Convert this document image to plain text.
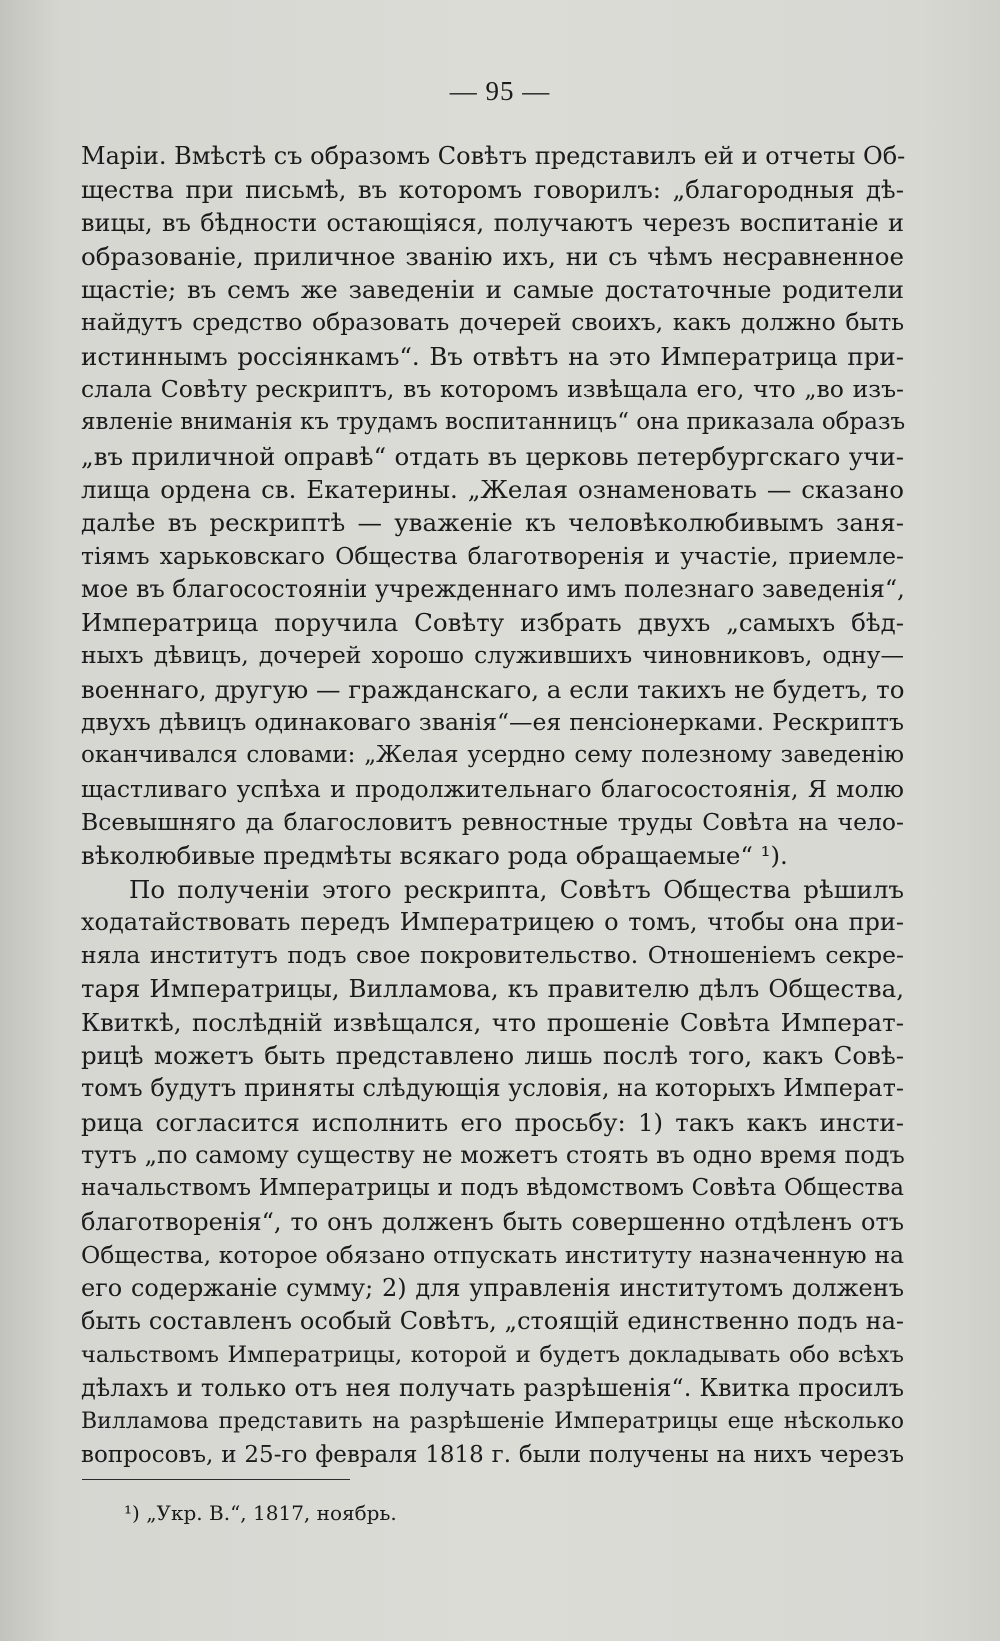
— 95 —
Маріи. Вмѣстѣ съ образомъ Совѣтъ представилъ ей и отчеты Об-
щества при письмѣ, въ которомъ говорилъ: „благородныя дѣ-
вицы, въ бѣдности остающіяся, получаютъ черезъ воспитаніе и
образованіе, приличное званію ихъ, ни съ чѣмъ несравненное
щастіе; въ семъ же заведеніи и самые достаточные родители
найдутъ средство образовать дочерей своихъ, какъ должно быть
истиннымъ россіянкамъ“. Въ отвѣтъ на это Императрица при-
слала Совѣту рескриптъ, въ которомъ извѣщала его, что „во изъ-
явленіе вниманія къ трудамъ воспитанницъ“ она приказала образъ
„въ приличной оправѣ“ отдать въ церковь петербургскаго учи-
лища ордена св. Екатерины. „Желая ознаменовать — сказано
далѣе въ рескриптѣ — уваженіе къ человѣколюбивымъ заня-
тіямъ харьковскаго Общества благотворенія и участіе, приемле-
мое въ благосостояніи учрежденнаго имъ полезнаго заведенія“,
Императрица поручила Совѣту избрать двухъ „самыхъ бѣд-
ныхъ дѣвицъ, дочерей хорошо служившихъ чиновниковъ, одну—
военнаго, другую — гражданскаго, а если такихъ не будетъ, то
двухъ дѣвицъ одинаковаго званія“—ея пенсіонерками. Рескриптъ
оканчивался словами: „Желая усердно сему полезному заведенію
щастливаго успѣха и продолжительнаго благосостоянія, Я молю
Всевышняго да благословитъ ревностные труды Совѣта на чело-
вѣколюбивые предмѣты всякаго рода обращаемые“ ¹).
По полученіи этого рескрипта, Совѣтъ Общества рѣшилъ
ходатайствовать передъ Императрицею о томъ, чтобы она при-
няла институтъ подъ свое покровительство. Отношеніемъ секре-
таря Императрицы, Вилламова, къ правителю дѣлъ Общества,
Квиткѣ, послѣдній извѣщался, что прошеніе Совѣта Императ-
рицѣ можетъ быть представлено лишь послѣ того, какъ Совѣ-
томъ будутъ приняты слѣдующія условія, на которыхъ Императ-
рица согласится исполнить его просьбу: 1) такъ какъ инсти-
тутъ „по самому существу не можетъ стоять въ одно время подъ
начальствомъ Императрицы и подъ вѣдомствомъ Совѣта Общества
благотворенія“, то онъ долженъ быть совершенно отдѣленъ отъ
Общества, которое обязано отпускать институту назначенную на
его содержаніе сумму; 2) для управленія институтомъ долженъ
быть составленъ особый Совѣтъ, „стоящій единственно подъ на-
чальствомъ Императрицы, которой и будетъ докладывать обо всѣхъ
дѣлахъ и только отъ нея получать разрѣшенія“. Квитка просилъ
Вилламова представить на разрѣшеніе Императрицы еще нѣсколько
вопросовъ, и 25-го февраля 1818 г. были получены на нихъ черезъ
¹) „Укр. В.“, 1817, ноябрь.
